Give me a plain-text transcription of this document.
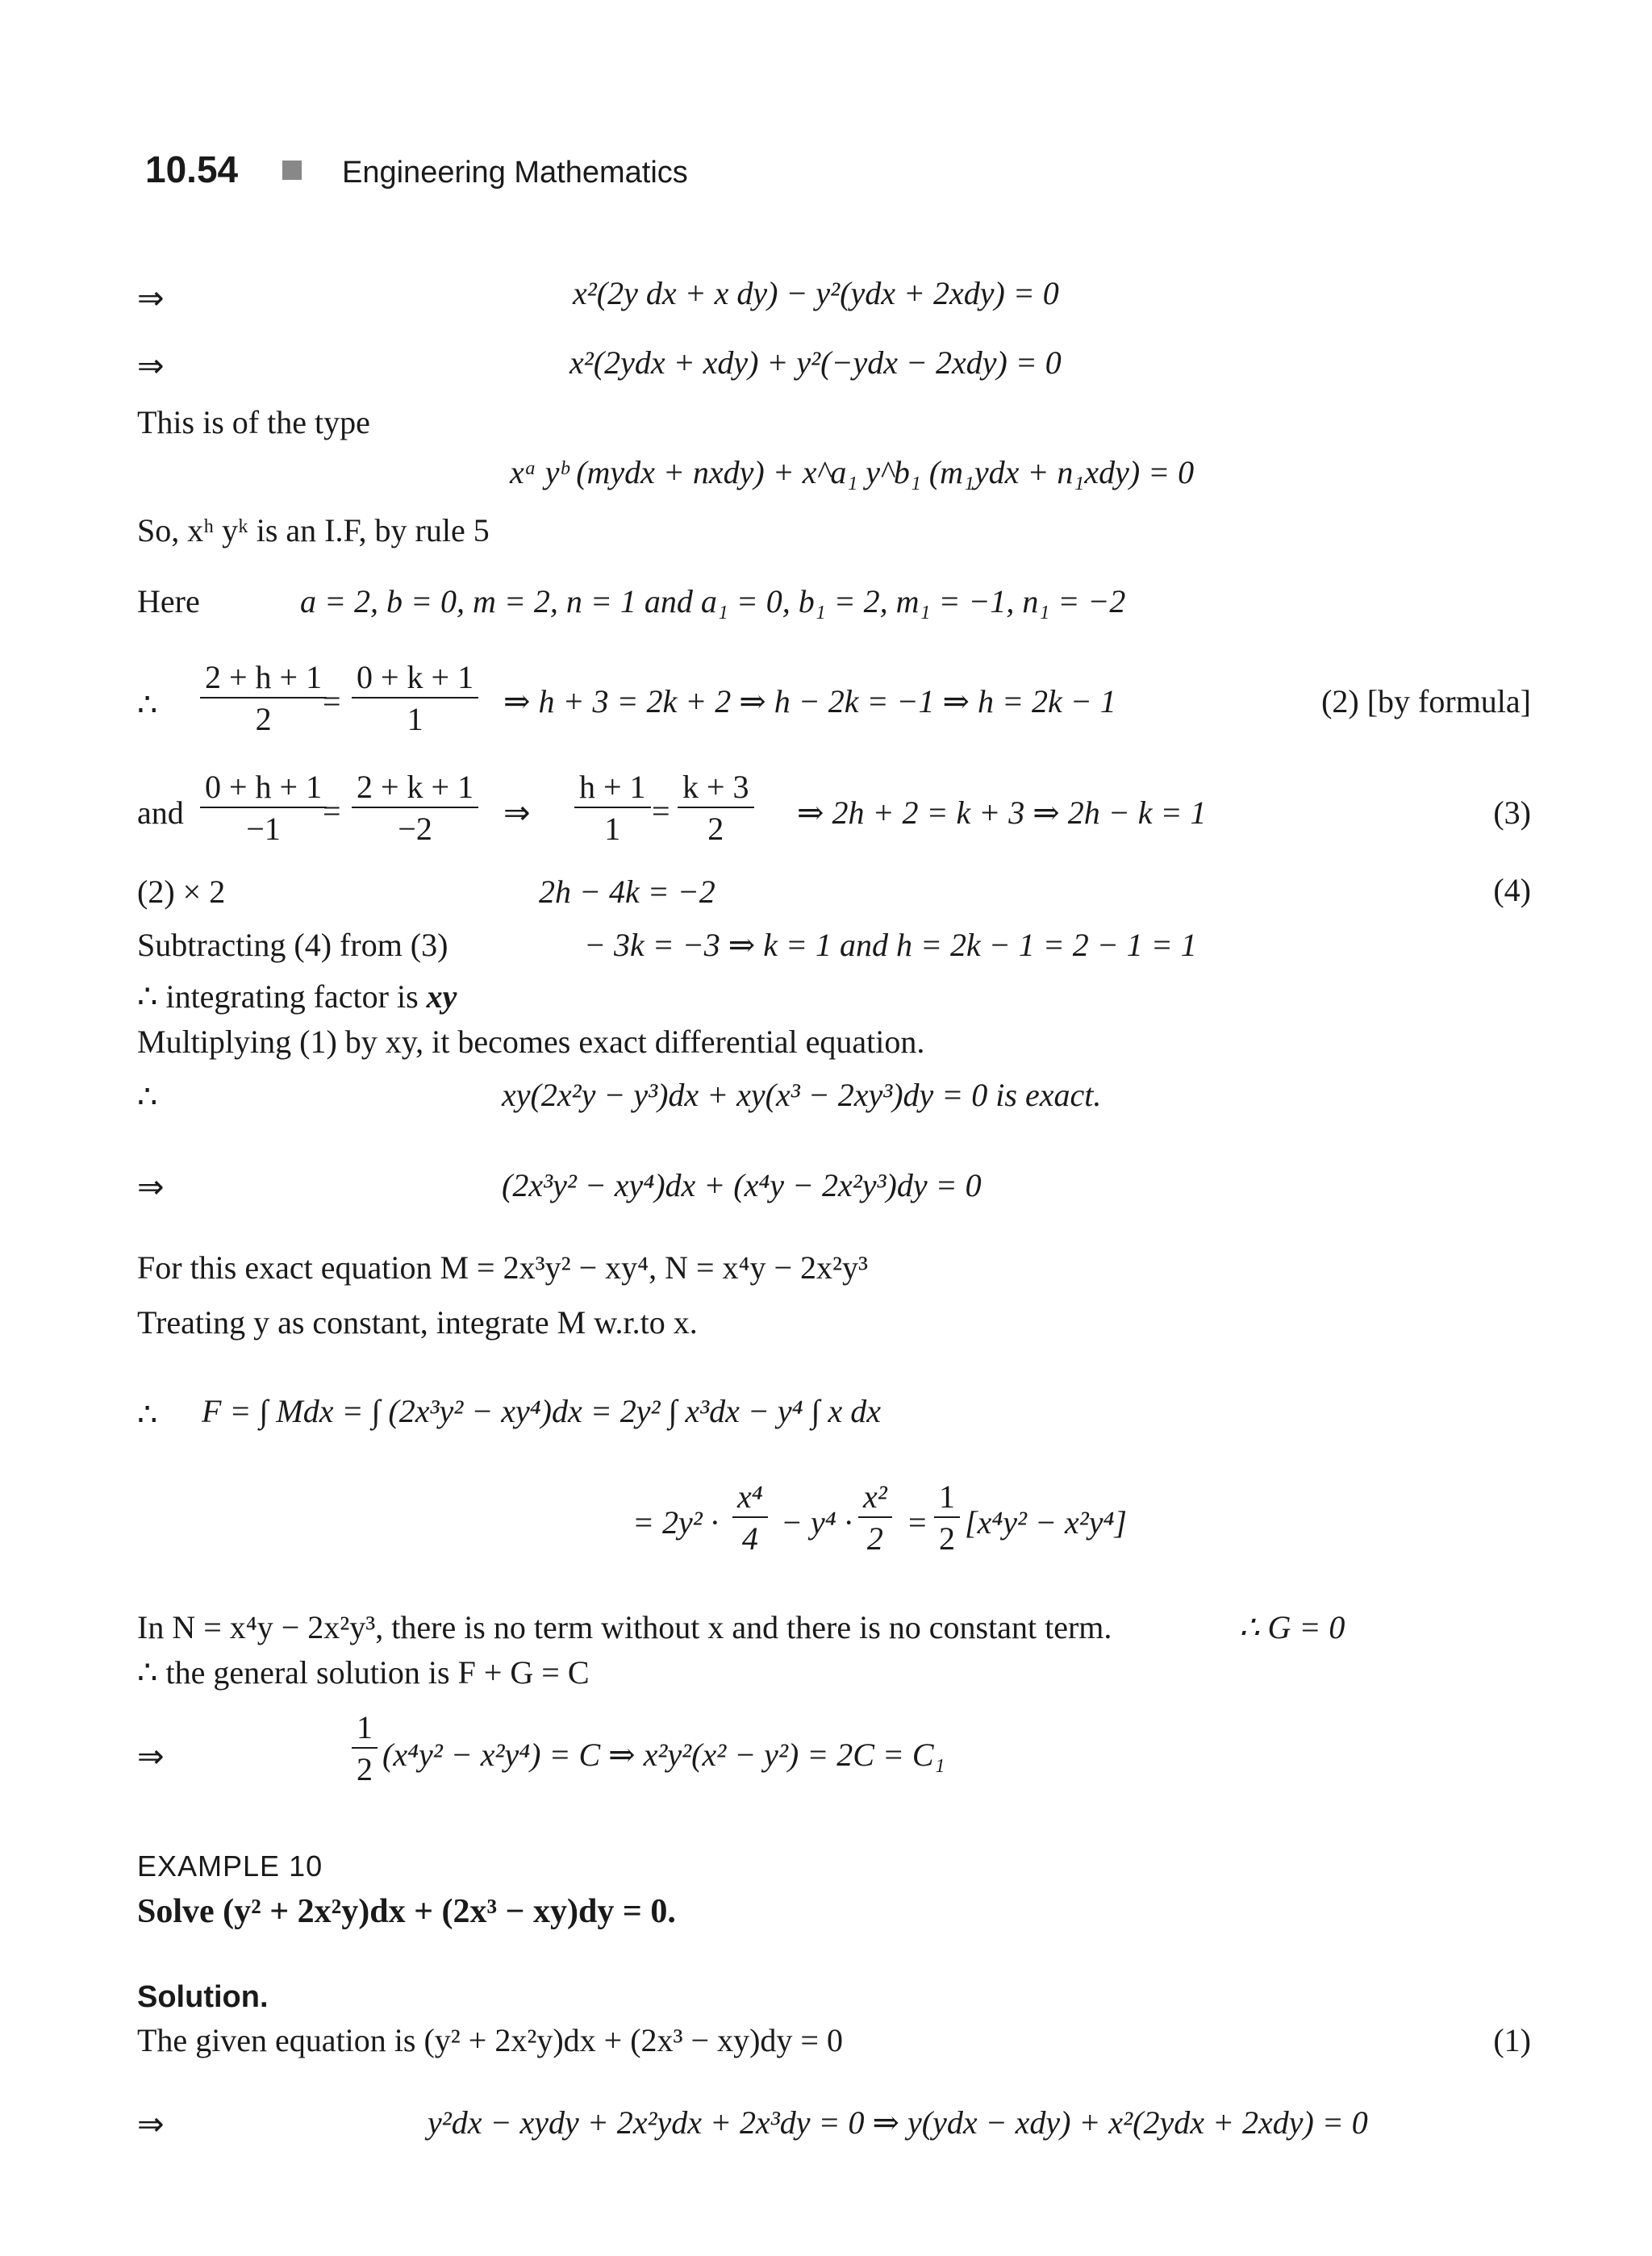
10.54	Engineering Mathematics
⇒	x²(2y dx + x dy) − y²(ydx + 2xdy) = 0
⇒	x²(2ydx + xdy) + y²(−ydx − 2xdy) = 0
This is of the type
xᵃ yᵇ (mydx + nxdy) + x^a₁ y^b₁ (m₁ydx + n₁xdy) = 0
So, xʰ yᵏ is an I.F, by rule 5
Here	a = 2, b = 0, m = 2, n = 1 and a₁ = 0, b₁ = 2, m₁ = −1, n₁ = −2
∴ $\frac{2 + h + 1}{2}$
= $\frac{0 + k + 1}{1}$ ⇒ h + 3 = 2k + 2 ⇒ h − 2k = −1 ⇒ h = 2k − 1	(2) [by formula]
and $\frac{0 + h + 1}{-1}$
= $\frac{2 + k + 1}{-2}$ ⇒ $\frac{h + 1}{1} = \frac{k + 3}{2}$ ⇒ 2h + 2 = k + 3 ⇒ 2h − k = 1	(3)
(2) × 2	2h − 4k = −2	(4)
Subtracting (4) from (3)	− 3k = −3 ⇒ k = 1 and h = 2k − 1 = 2 − 1 = 1
∴ integrating factor is xy
Multiplying (1) by xy, it becomes exact differential equation.
∴	xy(2x²y − y³)dx + xy(x³ − 2xy³)dy = 0 is exact.
⇒	(2x³y² − xy⁴)dx + (x⁴y − 2x²y³)dy = 0
For this exact equation M = 2x³y² − xy⁴, N = x⁴y − 2x²y³
Treating y as constant, integrate M w.r.to x.
∴ F = ∫ Mdx = ∫ (2x³y² − xy⁴)dx = 2y² ∫ x³dx − y⁴ ∫ x dx
= $2y^2 \cdot \frac{\text{x⁴}}{4} - y^4 \cdot \frac{\text{x²}}{2} = \frac{1}{2} [x^4y^2 - x^2y^4]$
In N = x⁴y − 2x²y³, there is no term without x and there is no constant term.	∴ G = 0
∴ the general solution is F + G = C
⇒	$\frac{1}{2} (x^4y^2 - x^2y^4) = C$ ⇒ x²y²(x² − y²) = 2C = C₁
EXAMPLE 10
Solve (y² + 2x²y)dx + (2x³ − xy)dy = 0.
Solution.
The given equation is (y² + 2x²y)dx + (2x³ − xy)dy = 0	(1)
⇒	y²dx − xydy + 2x²ydx + 2x³dy = 0 ⇒ y(ydx − xdy) + x²(2ydx + 2xdy) = 0
